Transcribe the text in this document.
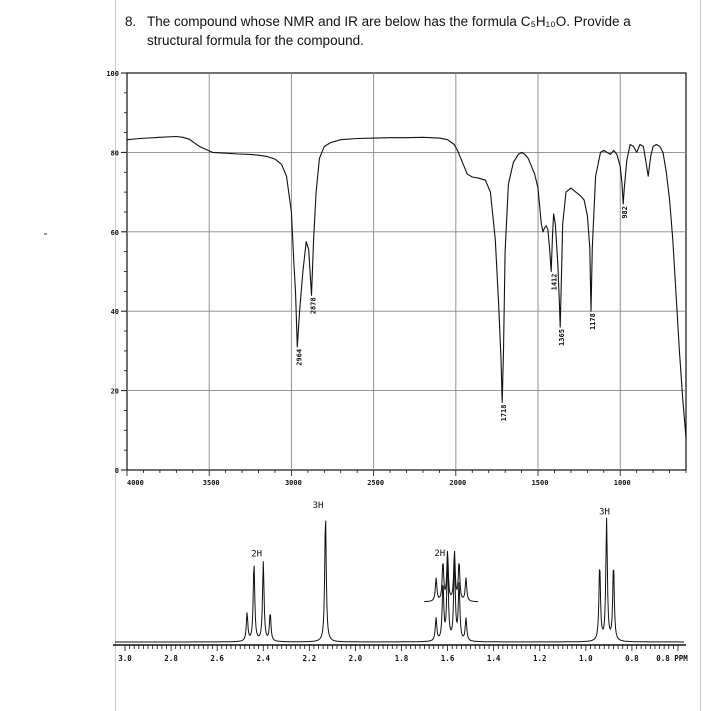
8. The compound whose NMR and IR are below has the formula C₅H₁₀O. Provide a
structural formula for the compound.
100
80
60
40
20
0
4000	3500	3000	2500	2000	1500	1000
2964
2878
1718
1412
1365
1178
982
3.0	2.8	2.6	2.4	2.2	2.0	1.8	1.6	1.4	1.2	1.0	0.8 0.8 PPM
2H
3H
2H
3H
